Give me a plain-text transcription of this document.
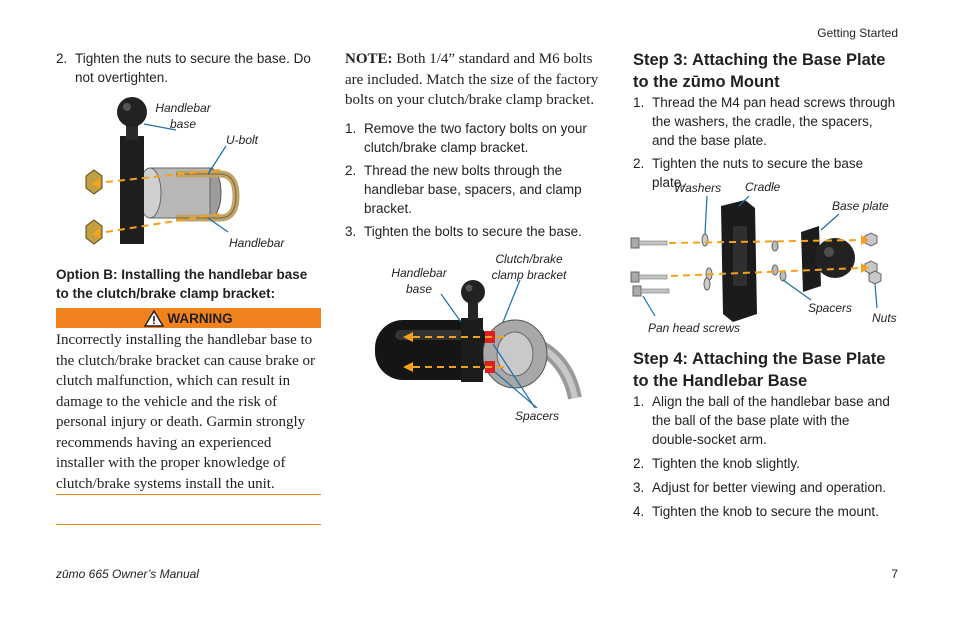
Getting Started
2. Tighten the nuts to secure the base. Do not overtighten.
Handlebar base
U-bolt
Handlebar
Option B: Installing the handlebar base to the clutch/brake clamp bracket:
WARNING
Incorrectly installing the handlebar base to the clutch/brake bracket can cause brake or clutch malfunction, which can result in damage to the vehicle and the risk of personal injury or death. Garmin strongly recommends having an experienced installer with the proper knowledge of clutch/brake systems install the unit.
NOTE: Both 1/4” standard and M6 bolts are included. Match the size of the factory bolts on your clutch/brake clamp bracket.
1. Remove the two factory bolts on your clutch/brake clamp bracket.
2. Thread the new bolts through the handlebar base, spacers, and clamp bracket.
3. Tighten the bolts to secure the base.
Handlebar base
Clutch/brake clamp bracket
Spacers
Step 3: Attaching the Base Plate to the zūmo Mount
1. Thread the M4 pan head screws through the washers, the cradle, the spacers, and the base plate.
2. Tighten the nuts to secure the base plate.
Washers Cradle
Base plate
Spacers
Nuts
Pan head screws
Step 4: Attaching the Base Plate to the Handlebar Base
1. Align the ball of the handlebar base and the ball of the base plate with the double-socket arm.
2. Tighten the knob slightly.
3. Adjust for better viewing and operation.
4. Tighten the knob to secure the mount.
zūmo 665 Owner’s Manual	7
